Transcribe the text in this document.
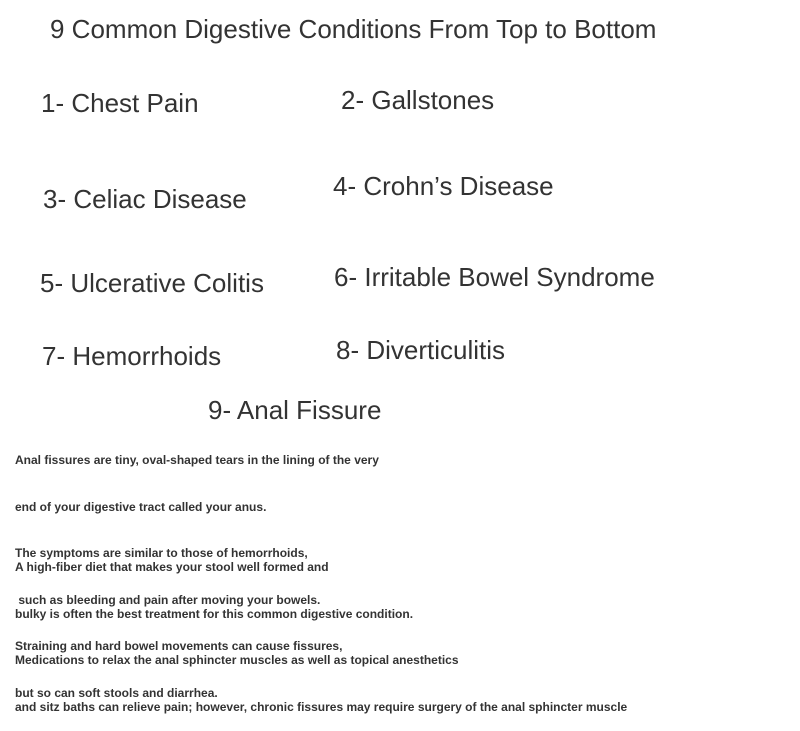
9 Common Digestive Conditions From Top to Bottom
1- Chest Pain	2- Gallstones
3- Celiac Disease	4- Crohn’s Disease
5- Ulcerative Colitis	6- Irritable Bowel Syndrome
7- Hemorrhoids	8- Diverticulitis
9- Anal Fissure

Anal fissures are tiny, oval-shaped tears in the lining of the very

end of your digestive tract called your anus.

The symptoms are similar to those of hemorrhoids,

such as bleeding and pain after moving your bowels.

Straining and hard bowel movements can cause fissures,

but so can soft stools and diarrhea.

A high-fiber diet that makes your stool well formed and

bulky is often the best treatment for this common digestive condition.

Medications to relax the anal sphincter muscles as well as topical anesthetics

and sitz baths can relieve pain; however, chronic fissures may require surgery of the anal sphincter muscle
